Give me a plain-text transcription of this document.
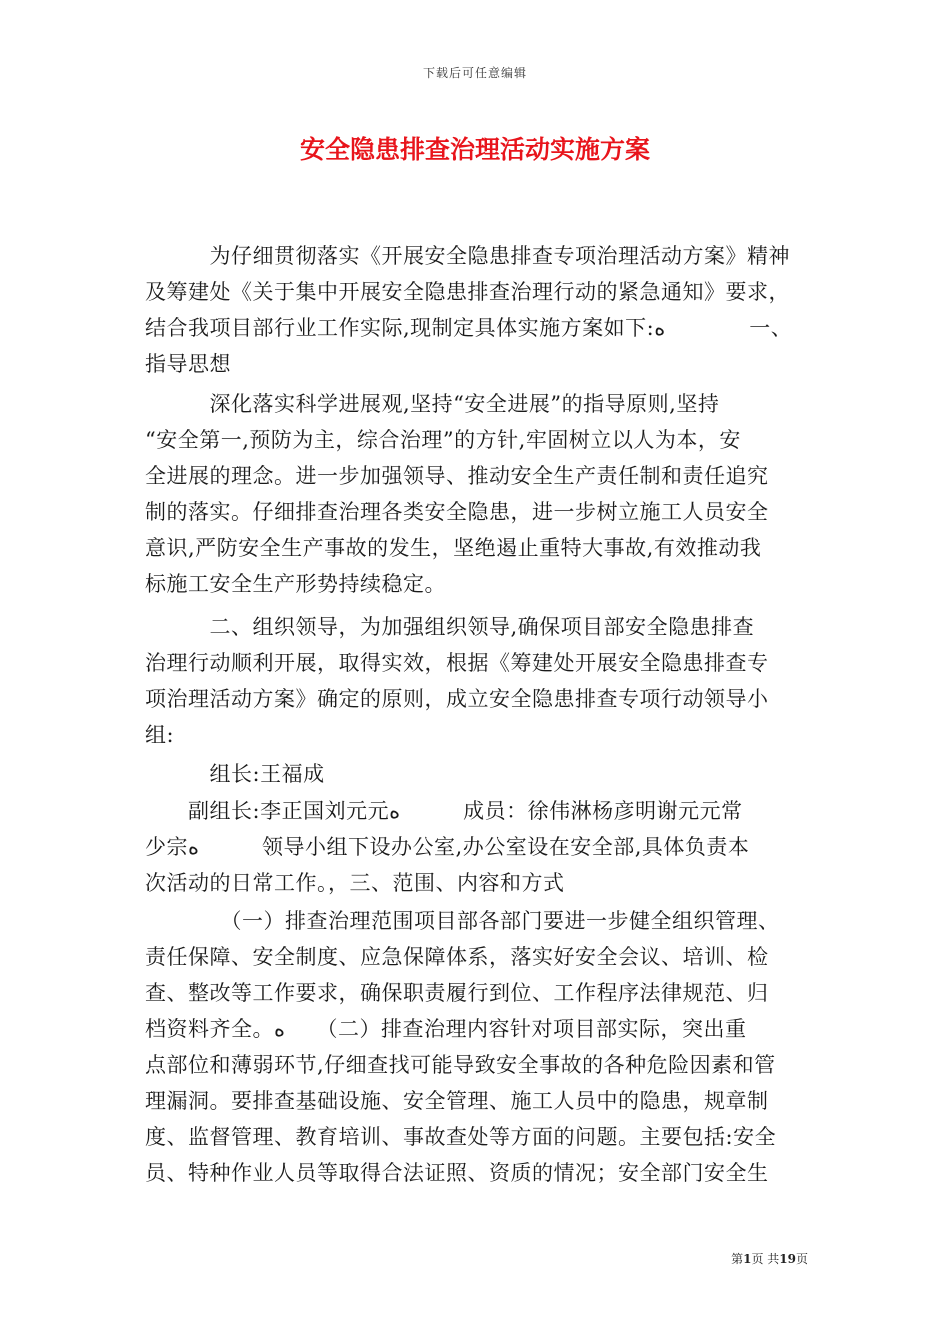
下载后可任意编辑
安全隐患排查治理活动实施方案
　　　为仔细贯彻落实《开展安全隐患排查专项治理活动方案》精神
及筹建处《关于集中开展安全隐患排查治理行动的紧急通知》要求，
结合我项目部行业工作实际,现制定具体实施方案如下:ﻩ　　　　一、
指导思想
　　　深化落实科学进展观,坚持“安全进展”的指导原则,坚持
“安全第一,预防为主，综合治理”的方针,牢固树立以人为本，安
全进展的理念。进一步加强领导、推动安全生产责任制和责任追究
制的落实。仔细排查治理各类安全隐患，进一步树立施工人员安全
意识,严防安全生产事故的发生，坚绝遏止重特大事故,有效推动我
标施工安全生产形势持续稳定。
　　　二、组织领导，为加强组织领导,确保项目部安全隐患排查
治理行动顺利开展，取得实效，根据《筹建处开展安全隐患排查专
项治理活动方案》确定的原则，成立安全隐患排查专项行动领导小
组:
　　　组长:王福成
　　副组长:李正国刘元元ﻩ　　　成员：徐伟淋杨彦明谢元元常
少宗ﻩ　　　领导小组下设办公室,办公室设在安全部,具体负责本
次活动的日常工作。，三、范围、内容和方式
　　　　（一）排查治理范围项目部各部门要进一步健全组织管理、
责任保障、安全制度、应急保障体系，落实好安全会议、培训、检
查、整改等工作要求，确保职责履行到位、工作程序法律规范、归
档资料齐全。ﻩ　　（二）排查治理内容针对项目部实际，突出重
点部位和薄弱环节,仔细查找可能导致安全事故的各种危险因素和管
理漏洞。要排查基础设施、安全管理、施工人员中的隐患，规章制
度、监督管理、教育培训、事故查处等方面的问题。主要包括:安全
员、特种作业人员等取得合法证照、资质的情况；安全部门安全生
第1页 共19页
